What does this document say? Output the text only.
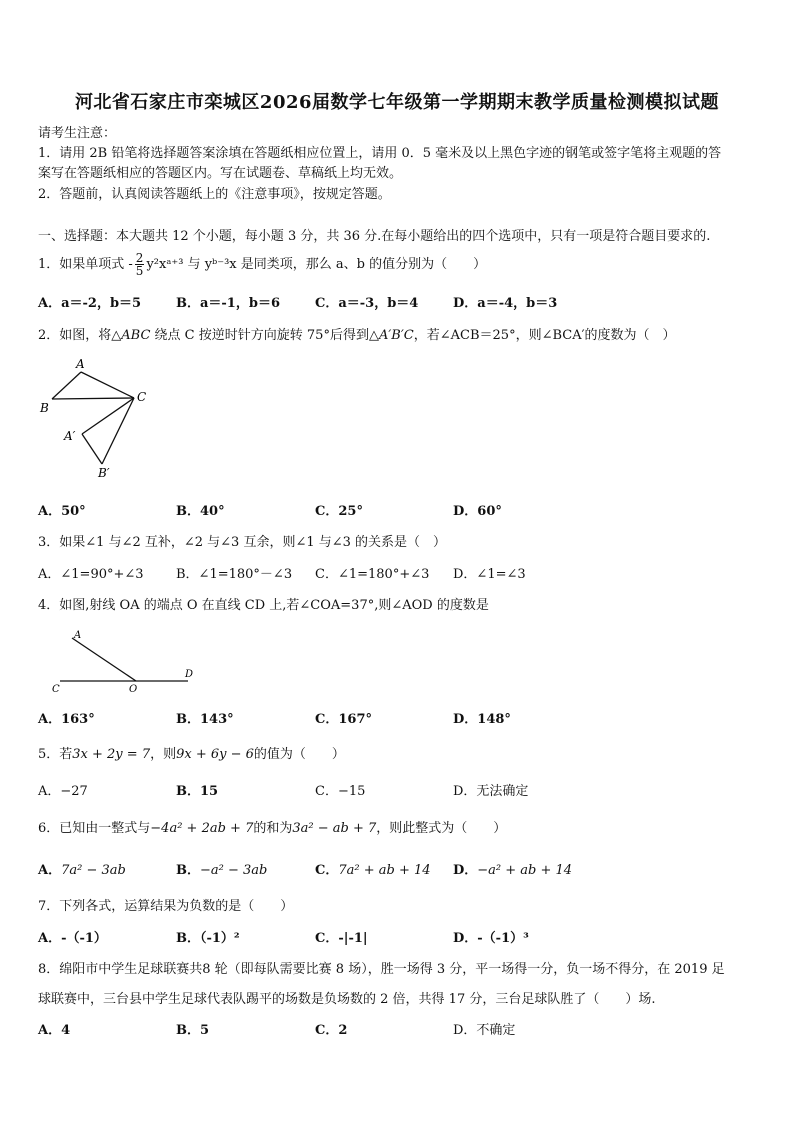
河北省石家庄市栾城区2026届数学七年级第一学期期末教学质量检测模拟试题
请考生注意：
1．请用 2B 铅笔将选择题答案涂填在答题纸相应位置上，请用 0．5 毫米及以上黑色字迹的钢笔或签字笔将主观题的答
案写在答题纸相应的答题区内。写在试题卷、草稿纸上均无效。
2．答题前，认真阅读答题纸上的《注意事项》，按规定答题。
一、选择题：本大题共 12 个小题，每小题 3 分，共 36 分.在每小题给出的四个选项中，只有一项是符合题目要求的.
1．如果单项式 - $\frac{2}{5}$ y²xᵃ⁺³ 与 yᵇ⁻³x 是同类项，那么 a、b 的值分别为（　　）
A．a＝-2，b＝5	B．a＝-1，b＝6	C．a＝-3，b＝4	D．a＝-4，b＝3
2．如图，将△ABC 绕点 C 按逆时针方向旋转 75°后得到△A′B′C，若∠ACB＝25°，则∠BCA′的度数为（　）
A
B
C
A′
B′
A．50°	B．40°	C．25°	D．60°
3．如果∠1 与∠2 互补，∠2 与∠3 互余，则∠1 与∠3 的关系是（　）
A．∠1=90°+∠3 B．∠1=180°－∠3 C．∠1=180°+∠3 D．∠1=∠3
4．如图,射线 OA 的端点 O 在直线 CD 上,若∠COA=37°,则∠AOD 的度数是
A
C	O
D
A．163°	B．143°	C．167°	D．148°
5．若3x + 2y = 7，则9x + 6y − 6的值为（　　）
A．−27	B．15	C．−15	D．无法确定
6．已知由一整式与−4a² + 2ab + 7的和为3a² − ab + 7，则此整式为（　　）
A．7a² − 3ab	B．−a² − 3ab	C．7a² + ab + 14 D．−a² + ab + 14
7．下列各式，运算结果为负数的是（　　）
A．-（-1）	B．（-1）²	C．-|-1|	D．-（-1）³
8．绵阳市中学生足球联赛共8 轮（即每队需要比赛 8 场），胜一场得 3 分，平一场得一分，负一场不得分，在 2019 足
球联赛中，三台县中学生足球代表队踢平的场数是负场数的 2 倍，共得 17 分，三台足球队胜了（　　）场.
A．4	B．5	C．2	D．不确定
